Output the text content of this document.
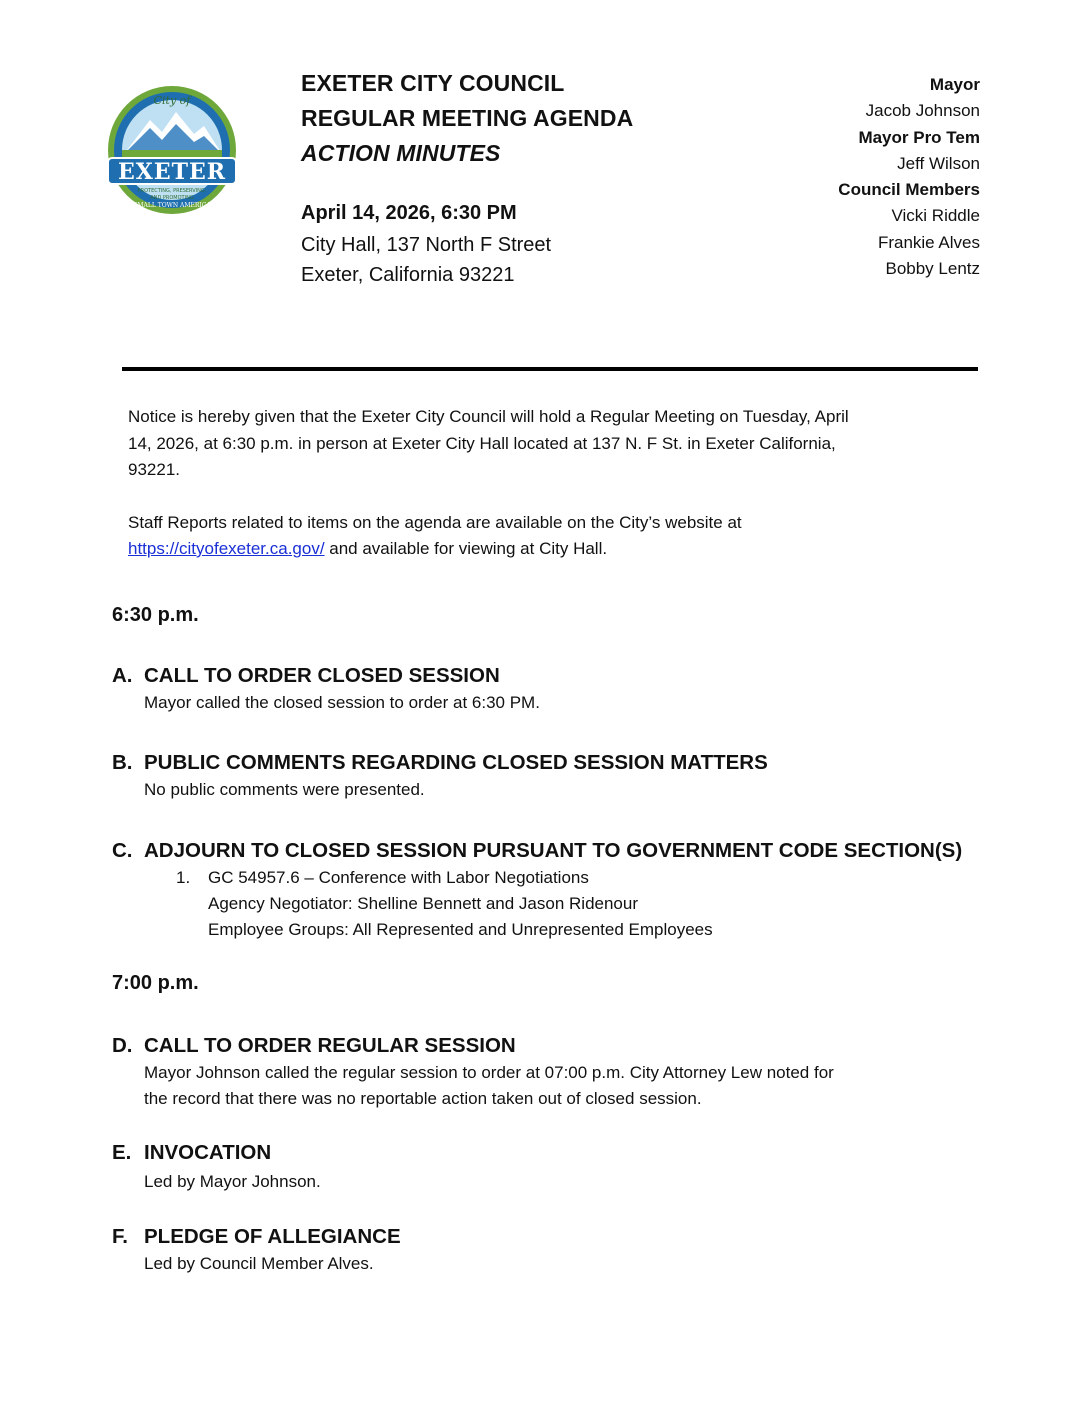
City of
EXETER
PROTECTING, PRESERVING,
AND PROMOTING
SMALL TOWN AMERICA
EXETER CITY COUNCIL
REGULAR MEETING AGENDA
ACTION MINUTES
April 14, 2026, 6:30 PM
City Hall, 137 North F Street
Exeter, California 93221
Mayor
Jacob Johnson
Mayor Pro Tem
Jeff Wilson
Council Members
Vicki Riddle
Frankie Alves
Bobby Lentz

Notice is hereby given that the Exeter City Council will hold a Regular Meeting on Tuesday, April

14, 2026, at 6:30 p.m. in person at Exeter City Hall located at 137 N. F St. in Exeter California,

93221.

Staff Reports related to items on the agenda are available on the City’s website at

https://cityofexeter.ca.gov/ and available for viewing at City Hall.

6:30 p.m.
A. CALL TO ORDER CLOSED SESSION
Mayor called the closed session to order at 6:30 PM.
B. PUBLIC COMMENTS REGARDING CLOSED SESSION MATTERS
No public comments were presented.
C. ADJOURN TO CLOSED SESSION PURSUANT TO GOVERNMENT CODE SECTION(S)
1.	GC 54957.6 – Conference with Labor Negotiations
Agency Negotiator: Shelline Bennett and Jason Ridenour
Employee Groups: All Represented and Unrepresented Employees
7:00 p.m.
D. CALL TO ORDER REGULAR SESSION
Mayor Johnson called the regular session to order at 07:00 p.m. City Attorney Lew noted for
the record that there was no reportable action taken out of closed session.
E. INVOCATION
Led by Mayor Johnson.
F. PLEDGE OF ALLEGIANCE
Led by Council Member Alves.
